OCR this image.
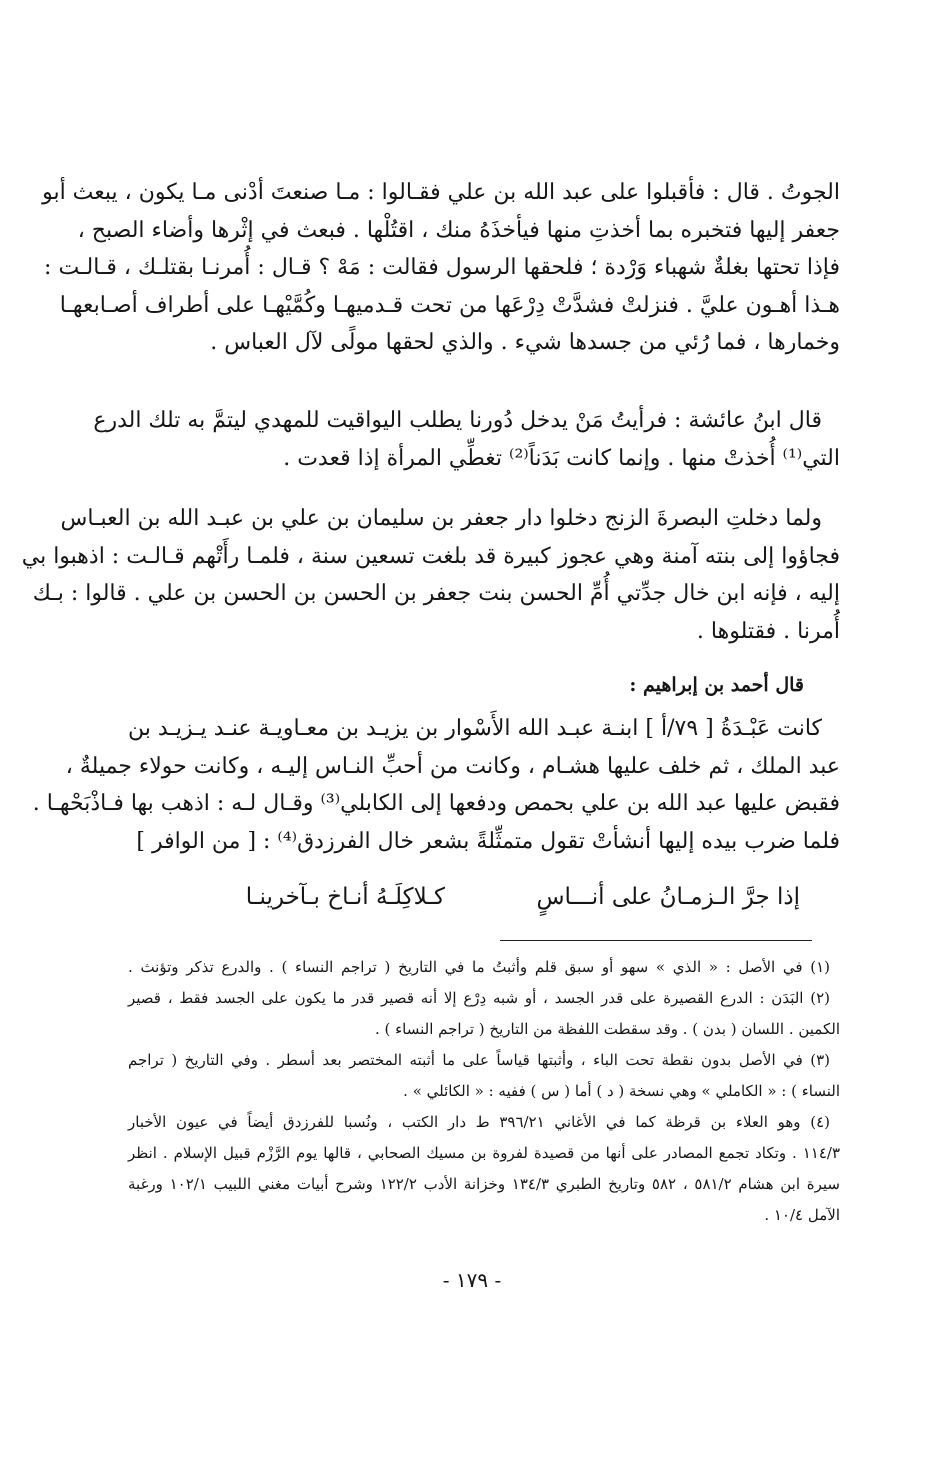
الجوتُ . قال : فأقبلوا على عبد الله بن علي فقـالوا : مـا صنعتَ أدْنى مـا يكون ، يبعث أبو
جعفر إليها فتخبره بما أخذتِ منها فيأخذَهُ منك ، اقتُلْها . فبعث في إثْرها وأضاء الصبح ،
فإذا تحتها بغلةٌ شهباء وَرْدة ؛ فلحقها الرسول فقالت : مَهْ ؟ قـال : أُمرنـا بقتلـك ، قـالـت :
هـذا أهـون عليَّ . فنزلتْ فشدَّتْ دِرْعَها من تحت قـدميهـا وكُمَّيْهـا على أطراف أصـابعهـا
وخمارها ، فما رُئي من جسدها شيء . والذي لحقها مولًى لآل العباس .
قال ابنُ عائشة : فرأيتُ مَنْ يدخل دُورنا يطلب اليواقيت للمهدي ليتمَّ به تلك الدرع
التي⁽¹⁾ أُخذتْ منها . وإنما كانت بَدَناً⁽²⁾ تغطِّي المرأة إذا قعدت .
ولما دخلتِ البصرةَ الزنج دخلوا دار جعفر بن سليمان بن علي بن عبـد الله بن العبـاس
فجاؤوا إلى بنته آمنة وهي عجوز كبيرة قد بلغت تسعين سنة ، فلمـا رأَتْهم قـالـت : اذهبوا بي
إليه ، فإنه ابن خال جدِّتي أُمِّ الحسن بنت جعفر بن الحسن بن الحسن بن علي . قالوا : بـك
أُمرنا . فقتلوها .

قال أحمد بن إبراهيم :

كانت عَبْـدَةُ [ ٧٩/أ ] ابنـة عبـد الله الأَسْوار بن يزيـد بن معـاويـة عنـد يـزيـد بن
عبد الملك ، ثم خلف عليها هشـام ، وكانت من أحبِّ النـاس إليـه ، وكانت حولاء جميلةٌ ،
فقبض عليها عبد الله بن علي بحمص ودفعها إلى الكابلي⁽³⁾ وقـال لـه : اذهب بها فـاذْبَحْهـا .
فلما ضرب بيده إليها أنشأتْ تقول متمثِّلةً بشعر خال الفرزدق⁽⁴⁾ : [ من الوافر ]
إذا جرَّ الـزمـانُ على أنـــاسٍ
كـلاكِلَـهُ أنـاخ بـآخرينـا
(١) في الأصل : « الذي » سهو أو سبق قلم وأثبتُ ما في التاريخ ( تراجم النساء ) . والدرع تذكر وتؤنث .
(٢) البَدَن : الدرع القصيرة على قدر الجسد ، أو شبه دِرْع إلا أنه قصير قدر ما يكون على الجسد فقط ، قصير
الكمين . اللسان ( بدن ) . وقد سقطت اللفظة من التاريخ ( تراجم النساء ) .
(٣) في الأصل بدون نقطة تحت الباء ، وأثبتها قياساً على ما أثبته المختصر بعد أسطر . وفي التاريخ ( تراجم
النساء ) : « الكاملي » وهي نسخة ( د ) أما ( س ) ففيه : « الكائلي » .
(٤) وهو العلاء بن قرظة كما في الأغاني ٣٩٦/٢١ ط دار الكتب ، ونُسبا للفرزدق أيضاً في عيون الأخبار
١١٤/٣ . وتكاد تجمع المصادر على أنها من قصيدة لفروة بن مسيك الصحابي ، قالها يوم الرَّزْم قبيل الإسلام . انظر
سيرة ابن هشام ٥٨١/٢ ، ٥٨٢ وتاريخ الطبري ١٣٤/٣ وخزانة الأدب ١٢٢/٢ وشرح أبيات مغني اللبيب ١٠٢/١ ورغبة
الآمل ١٠/٤ .
- ١٧٩ -
